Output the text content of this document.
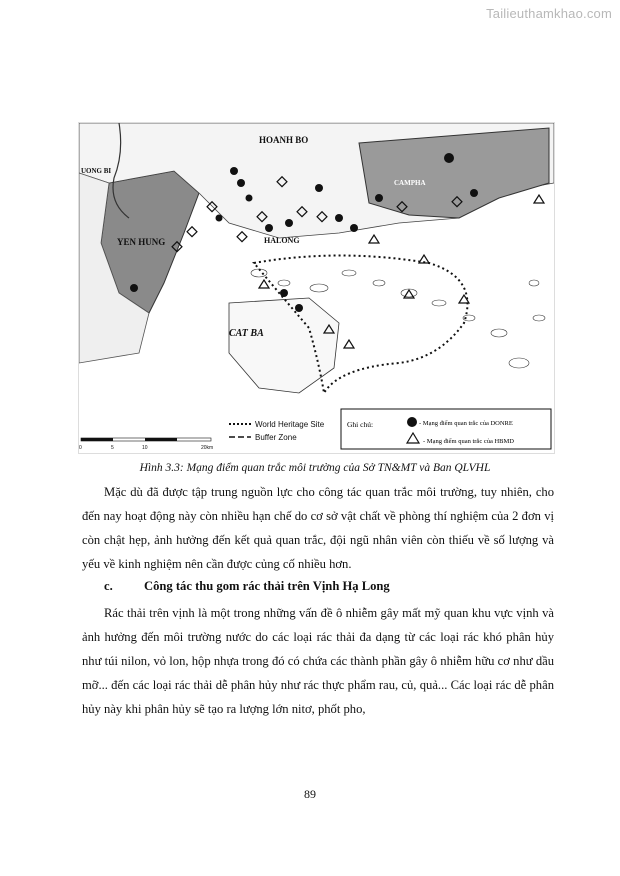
Tailieuthamkhao.com
HOANH BO
UONG BI
CAMPHA
YEN HUNG	HALONG
CAT BA
World Heritage Site
Buffer Zone
0	5	10	20km
Ghi chú:	- Mạng điểm quan trắc của DONRE
- Mạng điểm quan trắc của HBMD
Hình 3.3: Mạng điểm quan trắc môi trường của Sở TN&MT và Ban QLVHL

Mặc dù đã được tập trung nguồn lực cho công tác quan trắc môi trường, tuy nhiên, cho đến nay hoạt động này còn nhiều hạn chế do cơ sở vật chất về phòng thí nghiệm của 2 đơn vị còn chật hẹp, ảnh hưởng đến kết quả quan trắc, đội ngũ nhân viên còn thiếu về số lượng và yếu về kinh nghiệm nên cần được củng cố nhiều hơn.

c. Công tác thu gom rác thải trên Vịnh Hạ Long

Rác thải trên vịnh là một trong những vấn đề ô nhiễm gây mất mỹ quan khu vực vịnh và ảnh hưởng đến môi trường nước do các loại rác thải đa dạng từ các loại rác khó phân hủy như túi nilon, vỏ lon, hộp nhựa trong đó có chứa các thành phần gây ô nhiễm hữu cơ như dầu mỡ... đến các loại rác thải dễ phân hủy như rác thực phẩm rau, củ, quả... Các loại rác dễ phân hủy này khi phân hủy sẽ tạo ra lượng lớn nitơ, phốt pho,

89
